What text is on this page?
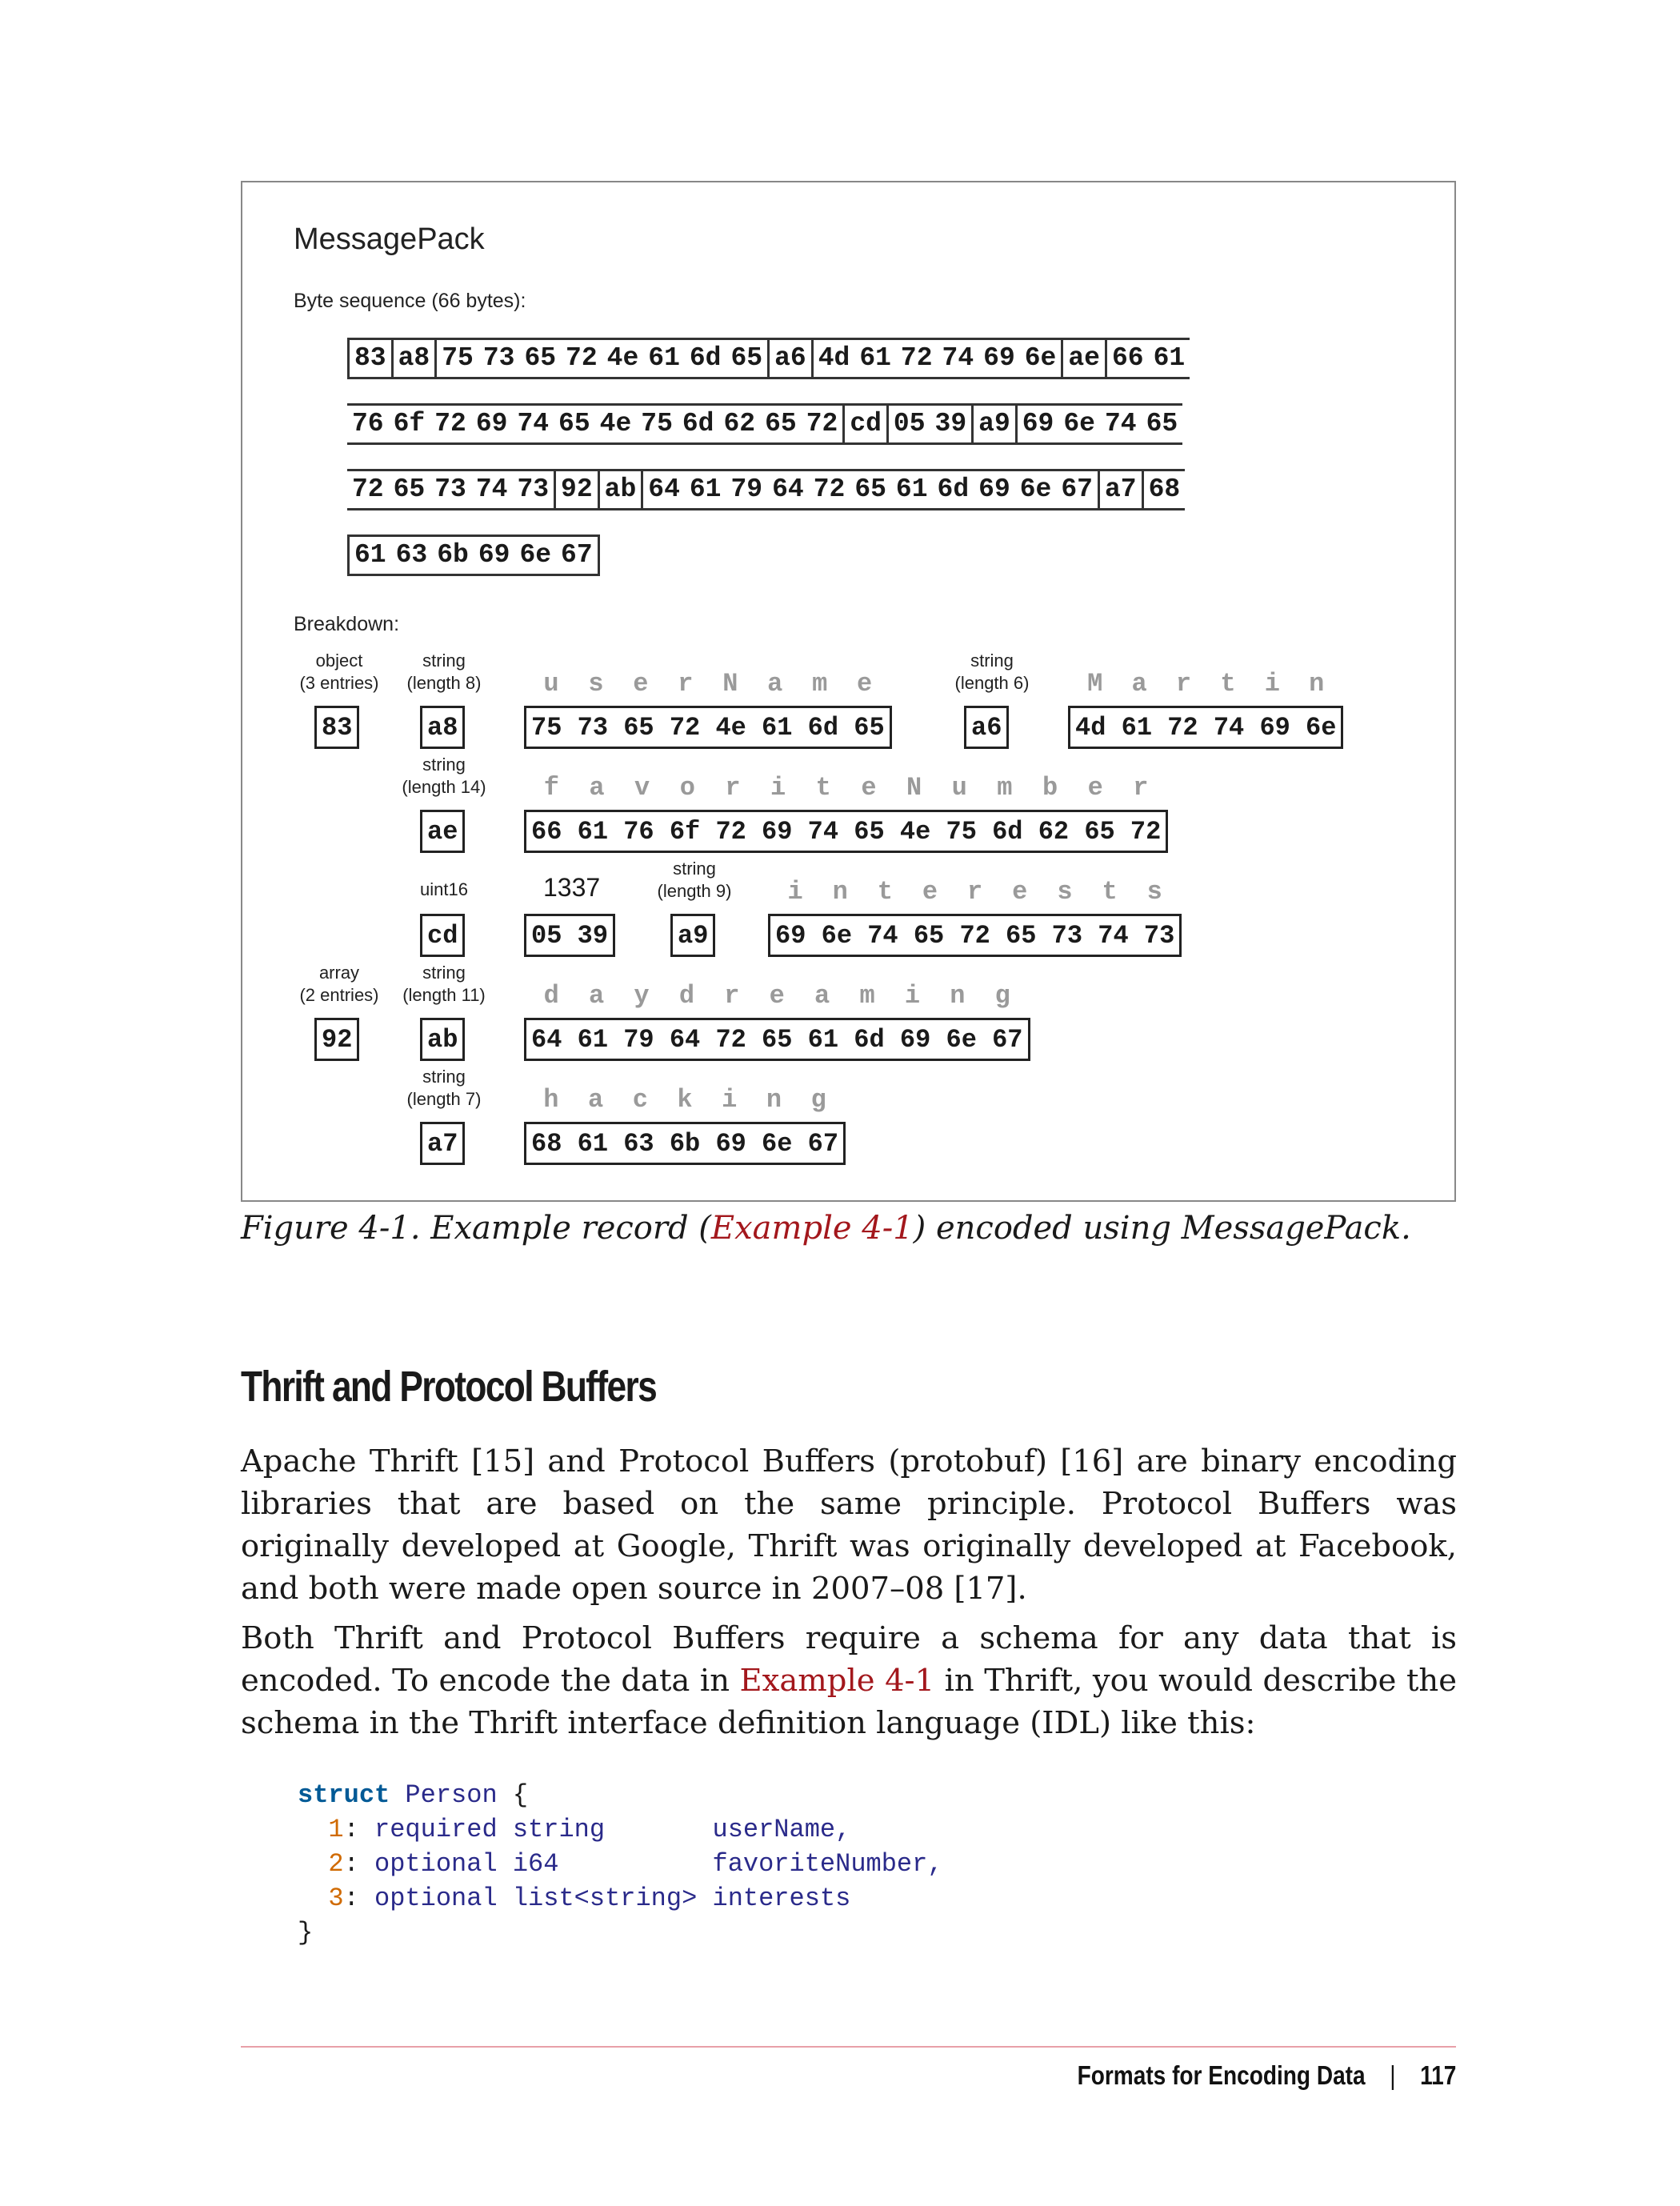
MessagePack
Byte sequence (66 bytes):
83 a8 75 73 65 72 4e 61 6d 65 a6 4d 61 72 74 69 6e ae 66 61
76 6f 72 69 74 65 4e 75 6d 62 65 72 cd 05 39 a9 69 6e 74 65
72 65 73 74 73 92 ab 64 61 79 64 72 65 61 6d 69 6e 67 a7 68
61 63 6b 69 6e 67
Breakdown:
object
(3 entries)
83
string
(length 8)
a8
u	s	e	r	N	a	m	e
75 73 65 72 4e 61 6d 65
string
(length 6)
a6
M	a	r	t	i	n
4d 61 72 74 69 6e
string
(length 14)
ae
f	a	v	o	r	i	t	e	N	u	m	b	e	r
66 61 76 6f 72 69 74 65 4e 75 6d 62 65 72
uint16
cd
1337
05 39
string
(length 9)
a9
i	n	t	e	r	e	s	t	s
69 6e 74 65 72 65 73 74 73
array
(2 entries)
92
string
(length 11)
ab
d	a	y	d	r	e	a	m	i	n	g
64 61 79 64 72 65 61 6d 69 6e 67
string
(length 7)
a7
h	a	c	k	i	n	g
68 61 63 6b 69 6e 67
Figure 4-1. Example record (Example 4-1) encoded using MessagePack.
Thrift and Protocol Buffers
Apache Thrift [15] and Protocol Buffers (protobuf) [16] are binary encoding libraries that are based on the same principle. Protocol Buffers was originally developed at Google, Thrift was originally developed at Facebook, and both were made open source in 2007–08 [17].
Both Thrift and Protocol Buffers require a schema for any data that is encoded. To encode the data in Example 4-1 in Thrift, you would describe the schema in the Thrift interface definition language (IDL) like this:
struct Person {
1: required string	userName,
2: optional i64	favoriteNumber,
3: optional list<string> interests
}
Formats for Encoding Data | 117
